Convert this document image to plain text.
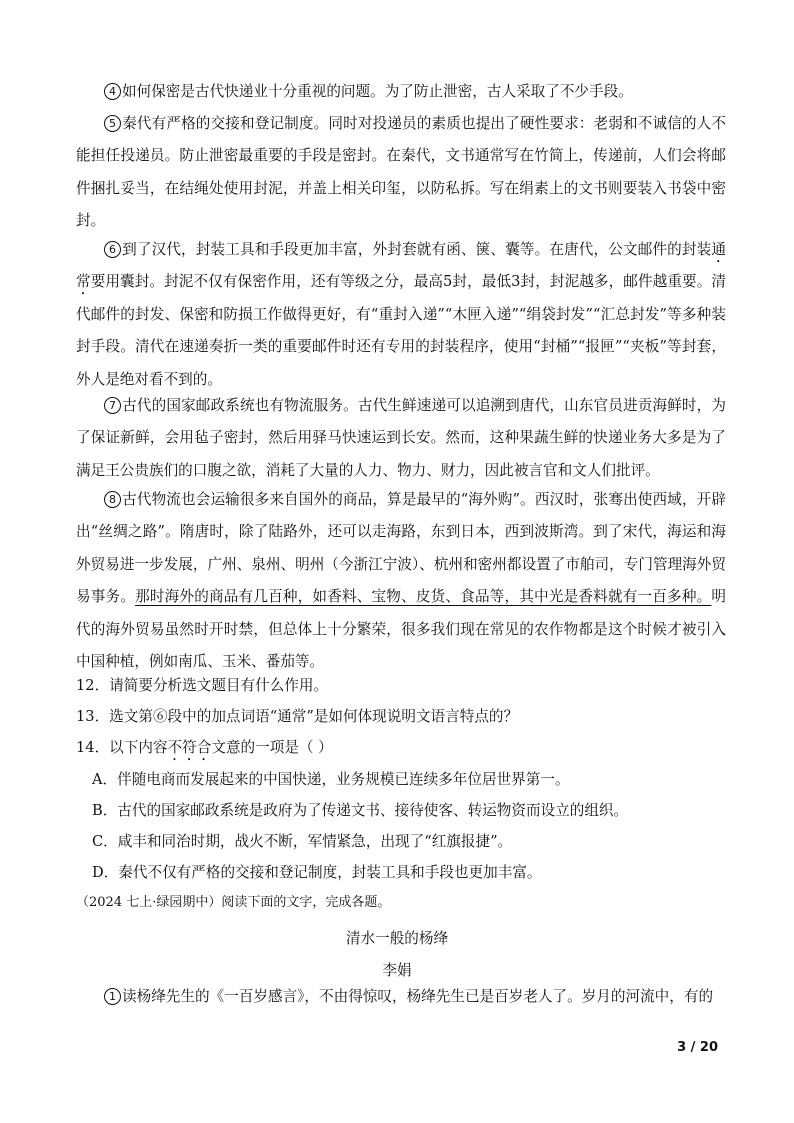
4 如何保密是古代快递业十分重视的问题。为了防止泄密，古人采取了不少手段。
5 秦代有严格的交接和登记制度。同时对投递员的素质也提出了硬性要求：老弱和不诚信的人不能担任投递员。防止泄密最重要的手段是密封。在秦代，文书通常写在竹简上，传递前，人们会将邮件捆扎妥当，在结绳处使用封泥，并盖上相关印玺，以防私拆。写在绢素上的文书则要装入书袋中密封。
6 到了汉代，封装工具和手段更加丰富，外封套就有函、箧、囊等。在唐代，公文邮件的封装通常要用囊封。封泥不仅有保密作用，还有等级之分，最高5封，最低3封，封泥越多，邮件越重要。清代邮件的封发、保密和防损工作做得更好，有“重封入递”“木匣入递”“绢袋封发”“汇总封发”等多种装封手段。清代在速递奏折一类的重要邮件时还有专用的封装程序，使用“封桶”“报匣”“夹板”等封套，外人是绝对看不到的。
7 古代的国家邮政系统也有物流服务。古代生鲜速递可以追溯到唐代，山东官员进贡海鲜时，为了保证新鲜，会用毡子密封，然后用驿马快速运到长安。然而，这种果蔬生鲜的快递业务大多是为了满足王公贵族们的口腹之欲，消耗了大量的人力、物力、财力，因此被言官和文人们批评。
8 古代物流也会运输很多来自国外的商品，算是最早的“海外购”。西汉时，张骞出使西域，开辟出“丝绸之路”。隋唐时，除了陆路外，还可以走海路，东到日本，西到波斯湾。到了宋代，海运和海外贸易进一步发展，广州、泉州、明州（今浙江宁波）、杭州和密州都设置了市舶司，专门管理海外贸易事务。那时海外的商品有几百种，如香料、宝物、皮货、食品等，其中光是香料就有一百多种。明代的海外贸易虽然时开时禁，但总体上十分繁荣，很多我们现在常见的农作物都是这个时候才被引入中国种植，例如南瓜、玉米、番茄等。
12．请简要分析选文题目有什么作用。
13．选文第⑥段中的加点词语“通常”是如何体现说明文语言特点的？
14．以下内容不符合文意的一项是（ ）
A．伴随电商而发展起来的中国快递，业务规模已连续多年位居世界第一。
B．古代的国家邮政系统是政府为了传递文书、接待使客、转运物资而设立的组织。
C．咸丰和同治时期，战火不断，军情紧急，出现了“红旗报捷”。
D．秦代不仅有严格的交接和登记制度，封装工具和手段也更加丰富。
（2024 七上·绿园期中）阅读下面的文字，完成各题。
清水一般的杨绛
李娟
1 读杨绛先生的《一百岁感言》，不由得惊叹，杨绛先生已是百岁老人了。岁月的河流中，有的
3 / 20
